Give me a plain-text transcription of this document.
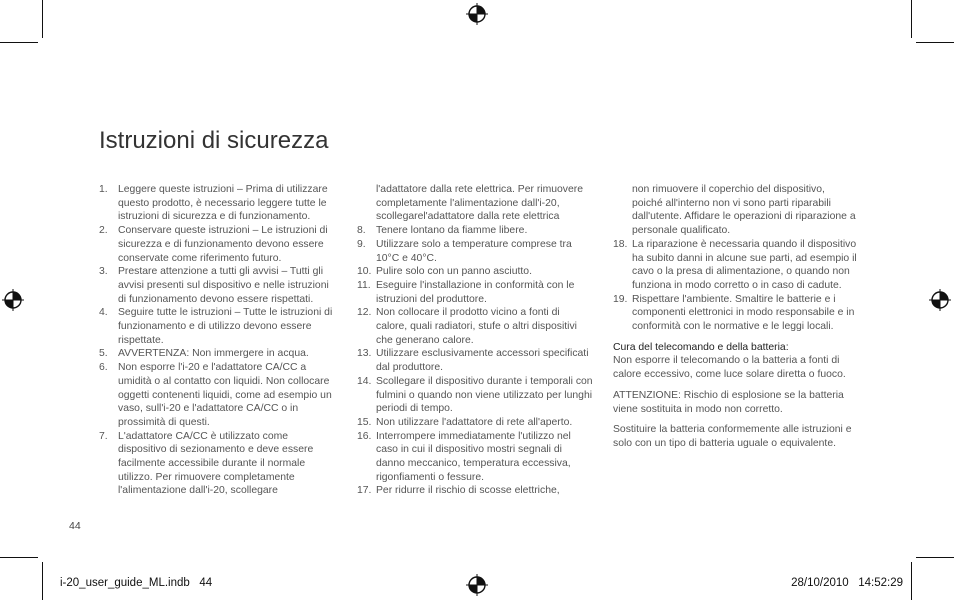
Istruzioni di sicurezza
1. Leggere queste istruzioni – Prima di utilizzare questo prodotto, è necessario leggere tutte le istruzioni di sicurezza e di funzionamento.
2. Conservare queste istruzioni – Le istruzioni di sicurezza e di funzionamento devono essere conservate come riferimento futuro.
3. Prestare attenzione a tutti gli avvisi – Tutti gli avvisi presenti sul dispositivo e nelle istruzioni di funzionamento devono essere rispettati.
4. Seguire tutte le istruzioni – Tutte le istruzioni di funzionamento e di utilizzo devono essere rispettate.
5. AVVERTENZA: Non immergere in acqua.
6. Non esporre l'i-20 e l'adattatore CA/CC a umidità o al contatto con liquidi. Non collocare oggetti contenenti liquidi, come ad esempio un vaso, sull'i-20 e l'adattatore CA/CC o in prossimità di questi.
7. L'adattatore CA/CC è utilizzato come dispositivo di sezionamento e deve essere facilmente accessibile durante il normale utilizzo. Per rimuovere completamente l'alimentazione dall'i-20, scollegare
l'adattatore dalla rete elettrica. Per rimuovere completamente l'alimentazione dall'i-20, scollegarel'adattatore dalla rete elettrica
8. Tenere lontano da fiamme libere.
9. Utilizzare solo a temperature comprese tra 10°C e 40°C.
10. Pulire solo con un panno asciutto.
11. Eseguire l'installazione in conformità con le istruzioni del produttore.
12. Non collocare il prodotto vicino a fonti di calore, quali radiatori, stufe o altri dispositivi che generano calore.
13. Utilizzare esclusivamente accessori specificati dal produttore.
14. Scollegare il dispositivo durante i temporali con fulmini o quando non viene utilizzato per lunghi periodi di tempo.
15. Non utilizzare l'adattatore di rete all'aperto.
16. Interrompere immediatamente l'utilizzo nel caso in cui il dispositivo mostri segnali di danno meccanico, temperatura eccessiva, rigonfiamenti o fessure.
17. Per ridurre il rischio di scosse elettriche,
non rimuovere il coperchio del dispositivo, poiché all'interno non vi sono parti riparabili dall'utente. Affidare le operazioni di riparazione a personale qualificato.
18. La riparazione è necessaria quando il dispositivo ha subito danni in alcune sue parti, ad esempio il cavo o la presa di alimentazione, o quando non funziona in modo corretto o in caso di cadute.
19. Rispettare l'ambiente. Smaltire le batterie e i componenti elettronici in modo responsabile e in conformità con le normative e le leggi locali.
Cura del telecomando e della batteria:

Non esporre il telecomando o la batteria a fonti di calore eccessivo, come luce solare diretta o fuoco.

ATTENZIONE: Rischio di esplosione se la batteria viene sostituita in modo non corretto.

Sostituire la batteria conformemente alle istruzioni e solo con un tipo di batteria uguale o equivalente.

44
i-20_user_guide_ML.indb   44	28/10/2010   14:52:29
